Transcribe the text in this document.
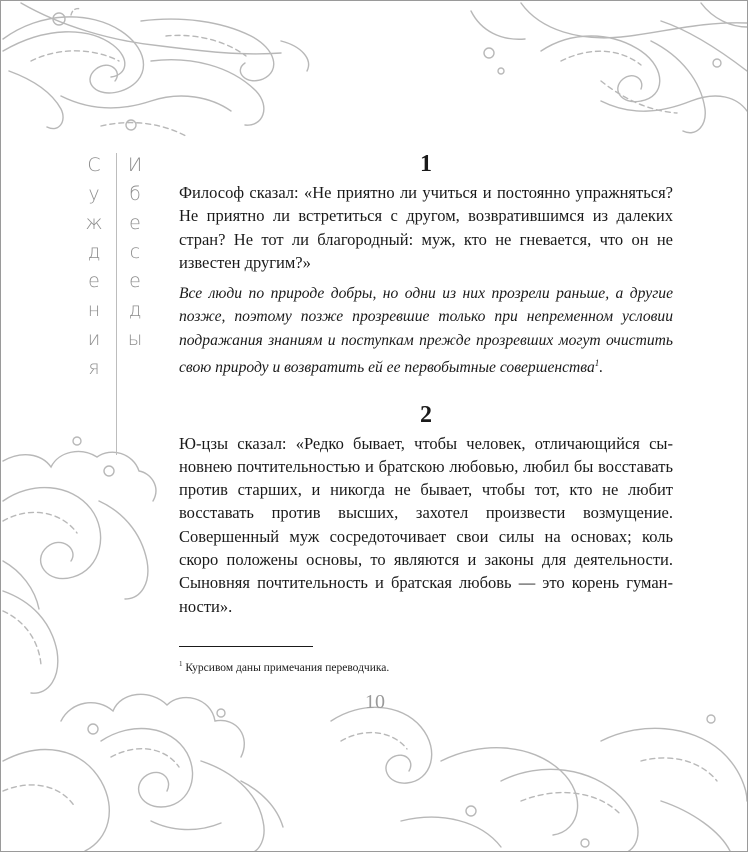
С
у
ж
д
е
н
и
я
И
б
е
с
е
д
ы
1

Философ сказал: «Не приятно ли учиться и постоянно упражняться? Не приятно ли встретиться с другом, возвратившимся из далеких стран? Не тот ли благородный: муж, кто не гневается, что он не известен другим?»

Все люди по природе добры, но одни из них прозрели раньше, а другие позже, поэтому позже прозревшие только при непременном условии подражания знаниям и поступкам прежде прозревших могут очистить свою природу и возвратить ей ее первобытные совершенства$^1$.

2

Ю-цзы сказал: «Редко бывает, чтобы человек, отличающийся сыновнею почтительностью и братскою любовью, любил бы восставать против старших, и никогда не бывает, чтобы тот, кто не любит восставать против высших, захотел произвести возмущение. Совершенный муж сосредоточивает свои силы на основах; коль скоро положены основы, то являются и законы для деятельности. Сыновняя почтительность и братская любовь — это корень гуманности».

$^1$ Курсивом даны примечания переводчика.
10
